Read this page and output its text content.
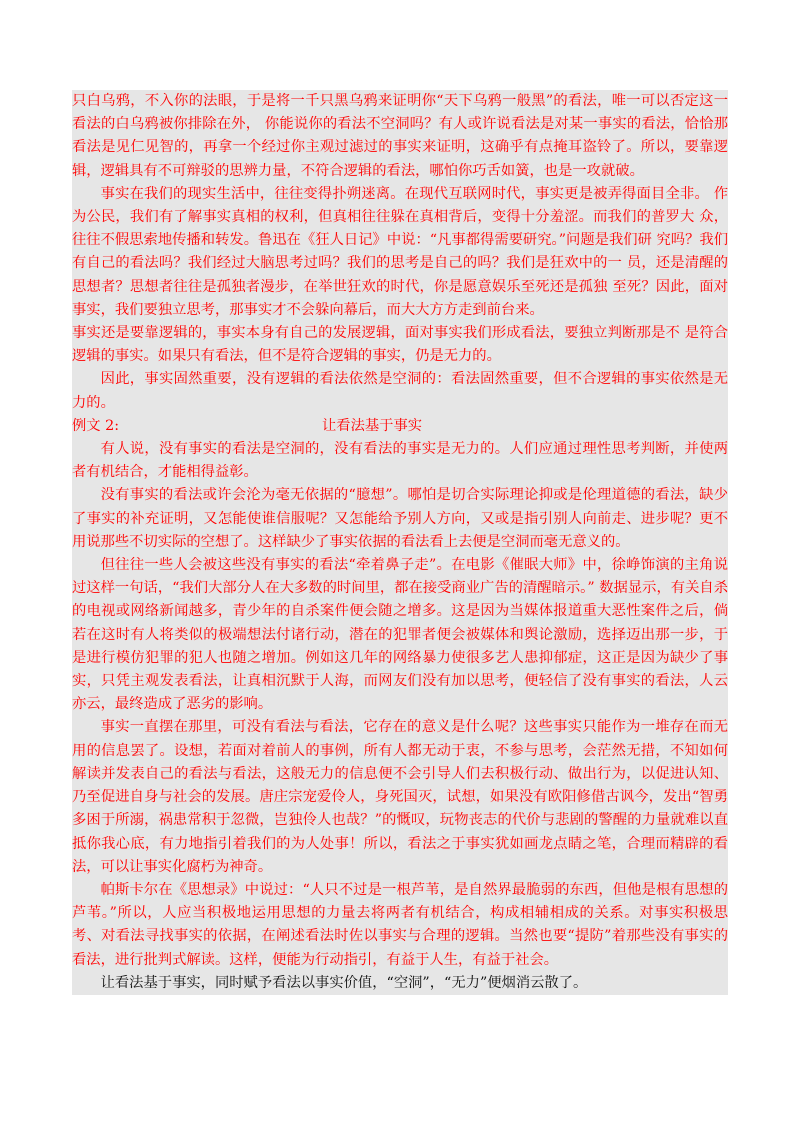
只白乌鸦，不入你的法眼，于是将一千只黑乌鸦来证明你“天下乌鸦一般黑”的看法，唯一可以否定这一看法的白乌鸦被你排除在外， 你能说你的看法不空洞吗？有人或许说看法是对某一事实的看法，恰恰那看法是见仁见智的，再拿一个经过你主观过滤过的事实来证明，这确乎有点掩耳盗铃了。所以，要靠逻辑，逻辑具有不可辩驳的思辨力量，不符合逻辑的看法，哪怕你巧舌如簧，也是一攻就破。

事实在我们的现实生活中，往往变得扑朔迷离。在现代互联网时代，事实更是被弄得面目全非。 作为公民，我们有了解事实真相的权利，但真相往往躲在真相背后，变得十分羞涩。而我们的普罗大 众，往往不假思索地传播和转发。鲁迅在《狂人日记》中说：“凡事都得需要研究。”问题是我们研 究吗？我们有自己的看法吗？我们经过大脑思考过吗？我们的思考是自己的吗？我们是狂欢中的一 员，还是清醒的思想者？思想者往往是孤独者漫步，在举世狂欢的时代，你是愿意娱乐至死还是孤独 至死？因此，面对事实，我们要独立思考，那事实才不会躲向幕后，而大大方方走到前台来。

事实还是要靠逻辑的，事实本身有自己的发展逻辑，面对事实我们形成看法，要独立判断那是不 是符合逻辑的事实。如果只有看法，但不是符合逻辑的事实，仍是无力的。

因此，事实固然重要，没有逻辑的看法依然是空洞的：看法固然重要，但不合逻辑的事实依然是无力的。

例文 2:	让看法基于事实

有人说，没有事实的看法是空洞的，没有看法的事实是无力的。人们应通过理性思考判断，并使两者有机结合，才能相得益彰。

没有事实的看法或许会沦为毫无依据的“臆想”。哪怕是切合实际理论抑或是伦理道德的看法，缺少了事实的补充证明，又怎能使谁信服呢？又怎能给予别人方向，又或是指引别人向前走、进步呢？更不用说那些不切实际的空想了。这样缺少了事实依据的看法看上去便是空洞而毫无意义的。

但往往一些人会被这些没有事实的看法“牵着鼻子走”。在电影《催眠大师》中，徐峥饰演的主角说过这样一句话，“我们大部分人在大多数的时间里，都在接受商业广告的清醒暗示。” 数据显示，有关自杀的电视或网络新闻越多，青少年的自杀案件便会随之增多。这是因为当媒体报道重大恶性案件之后，倘若在这时有人将类似的极端想法付诸行动，潜在的犯罪者便会被媒体和舆论激励，选择迈出那一步，于是进行模仿犯罪的犯人也随之增加。例如这几年的网络暴力使很多艺人患抑郁症，这正是因为缺少了事实，只凭主观发表看法，让真相沉默于人海，而网友们没有加以思考，便轻信了没有事实的看法，人云亦云，最终造成了恶劣的影响。

事实一直摆在那里，可没有看法与看法，它存在的意义是什么呢？这些事实只能作为一堆存在而无用的信息罢了。设想，若面对着前人的事例，所有人都无动于衷，不参与思考，会茫然无措，不知如何解读并发表自己的看法与看法，这般无力的信息便不会引导人们去积极行动、做出行为，以促进认知、乃至促进自身与社会的发展。唐庄宗宠爱伶人，身死国灭，试想，如果没有欧阳修借古讽今，发出“智勇多困于所溺，祸患常积于忽微，岂独伶人也哉？”的慨叹，玩物丧志的代价与悲剧的警醒的力量就难以直抵你我心底，有力地指引着我们的为人处事！所以，看法之于事实犹如画龙点睛之笔，合理而精辟的看法，可以让事实化腐朽为神奇。

帕斯卡尔在《思想录》中说过：“人只不过是一根芦苇，是自然界最脆弱的东西，但他是根有思想的芦苇。”所以，人应当积极地运用思想的力量去将两者有机结合，构成相辅相成的关系。对事实积极思考、对看法寻找事实的依据，在阐述看法时佐以事实与合理的逻辑。当然也要“提防”着那些没有事实的看法，进行批判式解读。这样，便能为行动指引，有益于人生，有益于社会。

让看法基于事实，同时赋予看法以事实价值，“空洞”，“无力”便烟消云散了。
